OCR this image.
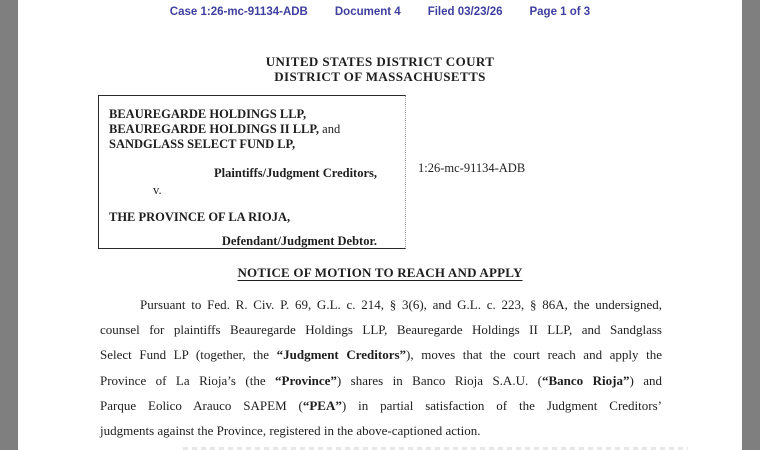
Case 1:26-mc-91134-ADB Document 4 Filed 03/23/26 Page 1 of 3
UNITED STATES DISTRICT COURT
DISTRICT OF MASSACHUSETTS
BEAUREGARDE HOLDINGS LLP,
BEAUREGARDE HOLDINGS II LLP, and
SANDGLASS SELECT FUND LP,
Plaintiffs/Judgment Creditors,
v.
THE PROVINCE OF LA RIOJA,
Defendant/Judgment Debtor.
1:26-mc-91134-ADB
NOTICE OF MOTION TO REACH AND APPLY
Pursuant to Fed. R. Civ. P. 69, G.L. c. 214, § 3(6), and G.L. c. 223, § 86A, the undersigned,
counsel for plaintiffs Beauregarde Holdings LLP, Beauregarde Holdings II LLP, and Sandglass
Select Fund LP (together, the “Judgment Creditors”), moves that the court reach and apply the
Province of La Rioja’s (the “Province”) shares in Banco Rioja S.A.U. (“Banco Rioja”) and
Parque Eolico Arauco SAPEM (“PEA”) in partial satisfaction of the Judgment Creditors’
judgments against the Province, registered in the above-captioned action.
